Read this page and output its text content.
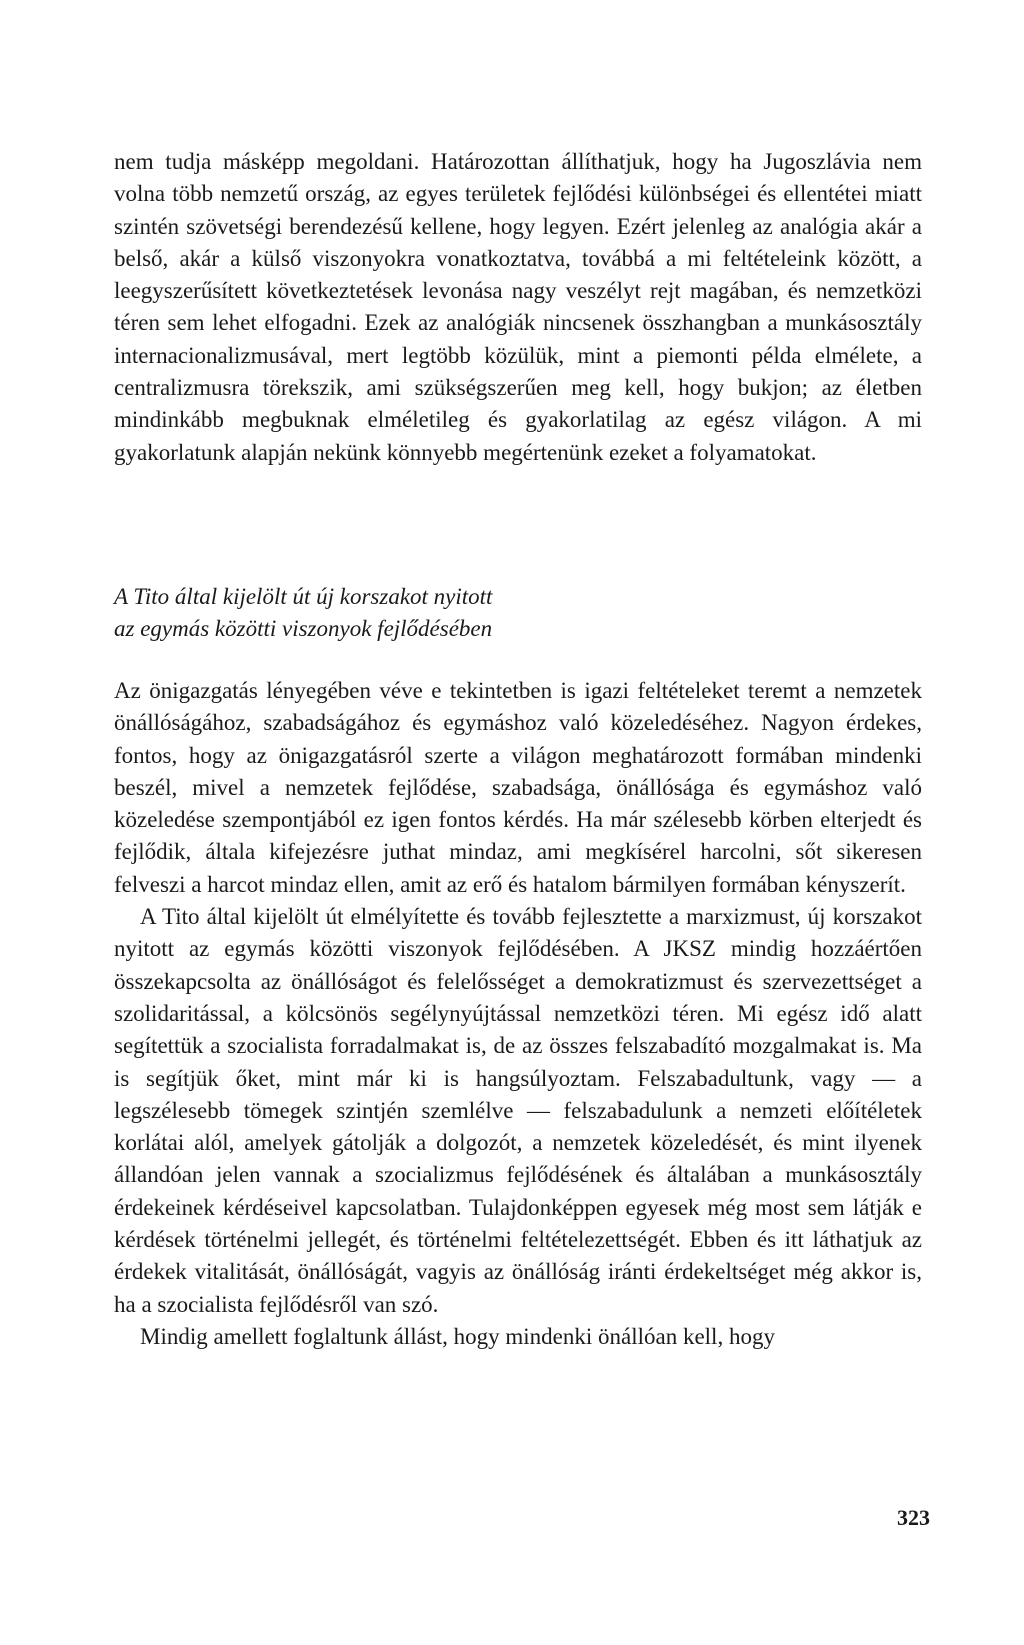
nem tudja másképp megoldani. Határozottan állíthatjuk, hogy ha Jugoszlávia nem volna több nemzetű ország, az egyes területek fejlődési különbségei és ellentétei miatt szintén szövetségi berendezésű kellene, hogy legyen. Ezért jelenleg az analógia akár a belső, akár a külső viszonyokra vonatkoztatva, továbbá a mi feltételeink között, a leegyszerűsített következtetések levonása nagy veszélyt rejt magában, és nemzetközi téren sem lehet elfogadni. Ezek az analógiák nincsenek összhangban a munkásosztály internacionalizmusával, mert legtöbb közülük, mint a piemonti példa elmélete, a centralizmusra törekszik, ami szükségszerűen meg kell, hogy bukjon; az életben mindinkább megbuknak elméletileg és gyakorlatilag az egész világon. A mi gyakorlatunk alapján nekünk könnyebb megértenünk ezeket a folyamatokat.

A Tito által kijelölt út új korszakot nyitott
az egymás közötti viszonyok fejlődésében

Az önigazgatás lényegében véve e tekintetben is igazi feltételeket teremt a nemzetek önállóságához, szabadságához és egymáshoz való közeledéséhez. Nagyon érdekes, fontos, hogy az önigazgatásról szerte a világon meghatározott formában mindenki beszél, mivel a nemzetek fejlődése, szabadsága, önállósága és egymáshoz való közeledése szempontjából ez igen fontos kérdés. Ha már szélesebb körben elterjedt és fejlődik, általa kifejezésre juthat mindaz, ami megkísérel harcolni, sőt sikeresen felveszi a harcot mindaz ellen, amit az erő és hatalom bármilyen formában kényszerít.

A Tito által kijelölt út elmélyítette és tovább fejlesztette a marxizmust, új korszakot nyitott az egymás közötti viszonyok fejlődésében. A JKSZ mindig hozzáértően összekapcsolta az önállóságot és felelősséget a demokratizmust és szervezettséget a szolidaritással, a kölcsönös segélynyújtással nemzetközi téren. Mi egész idő alatt segítettük a szocialista forradalmakat is, de az összes felszabadító mozgalmakat is. Ma is segítjük őket, mint már ki is hangsúlyoztam. Felszabadultunk, vagy — a legszélesebb tömegek szintjén szemlélve — felszabadulunk a nemzeti előítéletek korlátai alól, amelyek gátolják a dolgozót, a nemzetek közeledését, és mint ilyenek állandóan jelen vannak a szocializmus fejlődésének és általában a munkásosztály érdekeinek kérdéseivel kapcsolatban. Tulajdonképpen egyesek még most sem látják e kérdések történelmi jellegét, és történelmi feltételezettségét. Ebben és itt láthatjuk az érdekek vitalitását, önállóságát, vagyis az önállóság iránti érdekeltséget még akkor is, ha a szocialista fejlődésről van szó.

Mindig amellett foglaltunk állást, hogy mindenki önállóan kell, hogy

323
